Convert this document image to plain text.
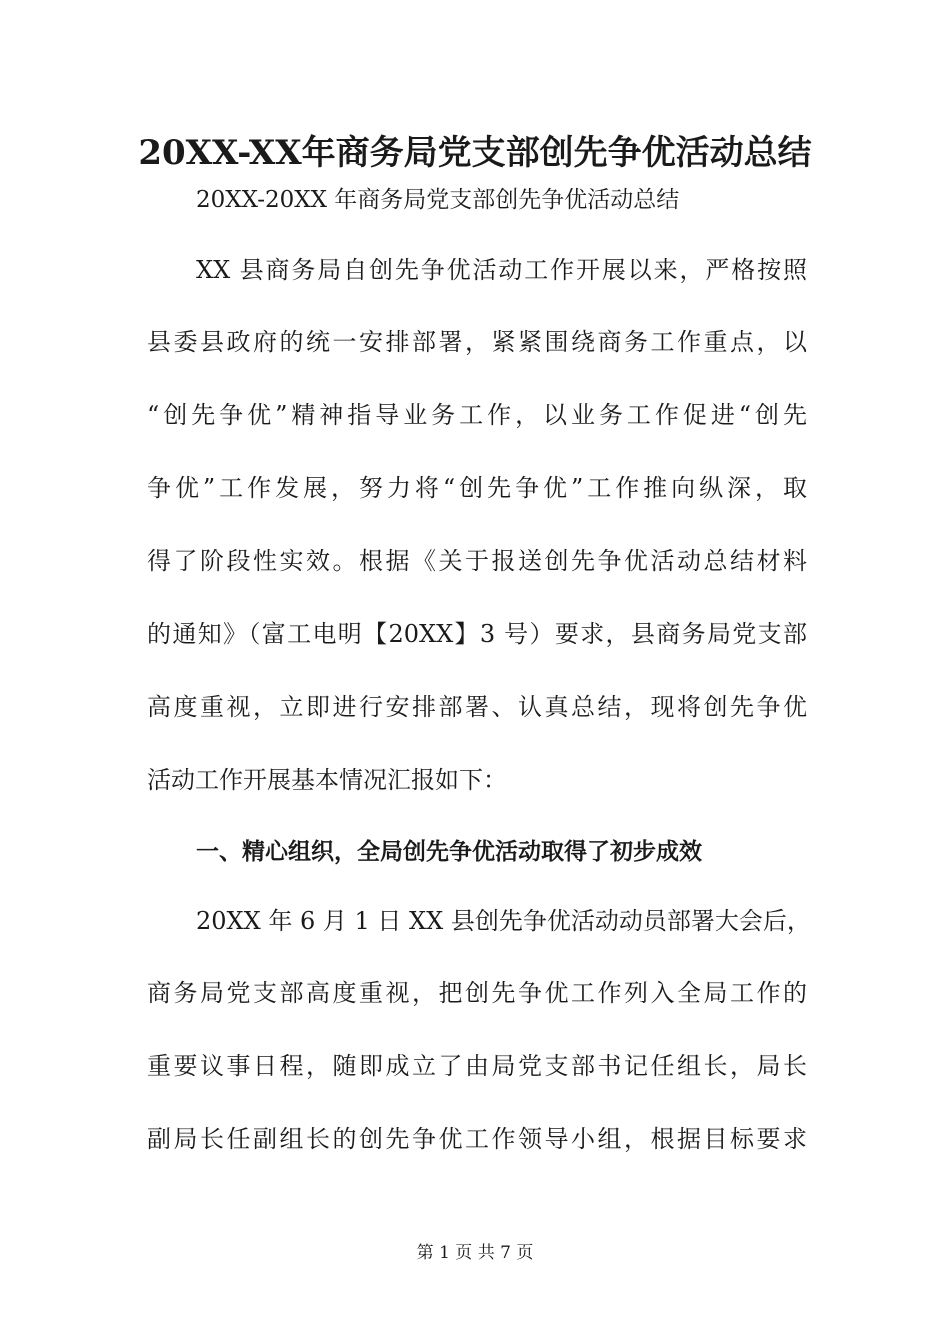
20XX-XX年商务局党支部创先争优活动总结
20XX-20XX 年商务局党支部创先争优活动总结
XX 县商务局自创先争优活动工作开展以来，严格按照
县委县政府的统一安排部署，紧紧围绕商务工作重点，以
“创先争优”精神指导业务工作，以业务工作促进“创先
争优”工作发展，努力将“创先争优”工作推向纵深，取
得了阶段性实效。根据《关于报送创先争优活动总结材料
的通知》（富工电明【20XX】3 号）要求，县商务局党支部
高度重视，立即进行安排部署、认真总结，现将创先争优
活动工作开展基本情况汇报如下：
一、精心组织，全局创先争优活动取得了初步成效
20XX 年 6 月 1 日 XX 县创先争优活动动员部署大会后，
商务局党支部高度重视，把创先争优工作列入全局工作的
重要议事日程，随即成立了由局党支部书记任组长，局长
副局长任副组长的创先争优工作领导小组，根据目标要求
第 1 页 共 7 页
